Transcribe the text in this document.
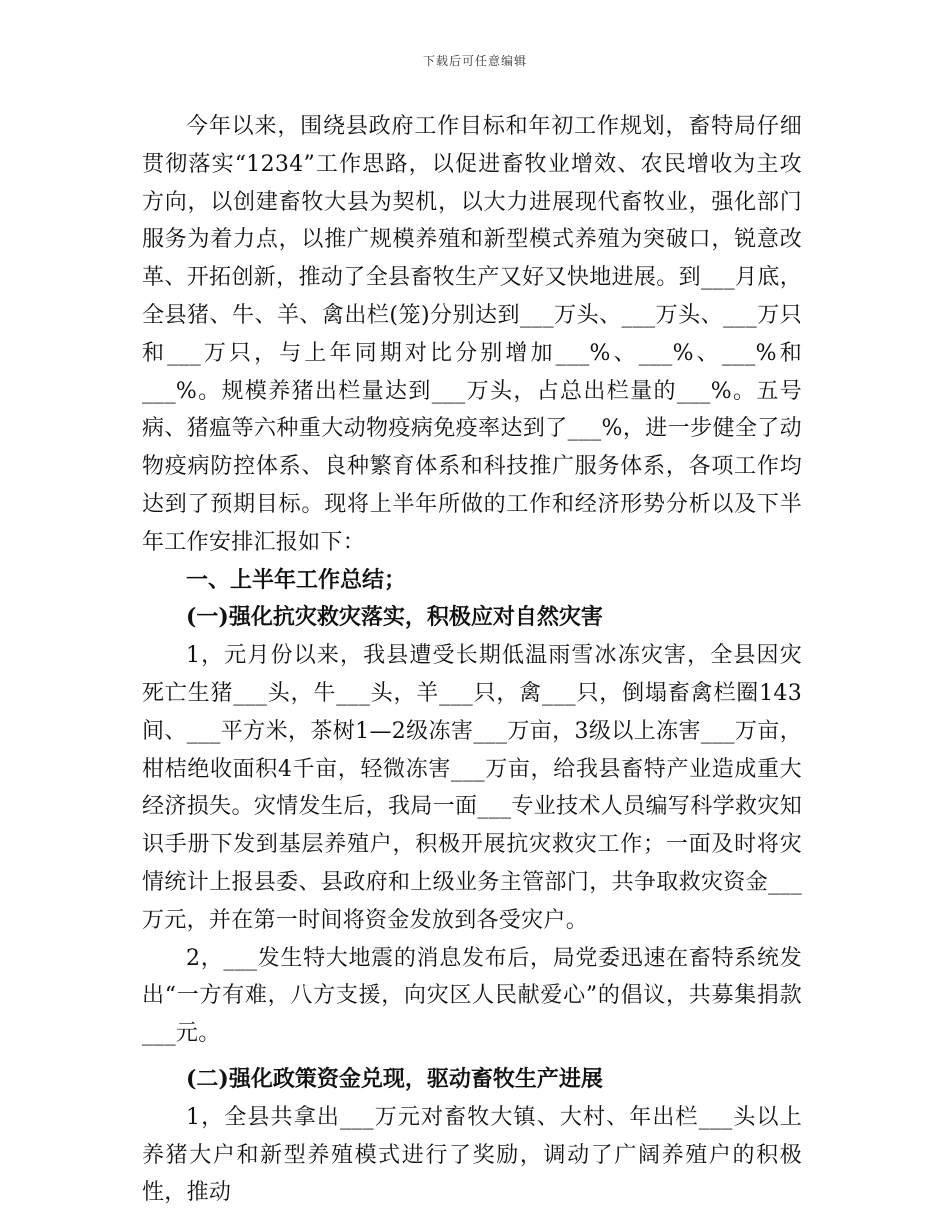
下载后可任意编辑

今年以来，围绕县政府工作目标和年初工作规划，畜特局仔细贯彻落实“1234”工作思路，以促进畜牧业增效、农民增收为主攻方向，以创建畜牧大县为契机，以大力进展现代畜牧业，强化部门服务为着力点，以推广规模养殖和新型模式养殖为突破口，锐意改革、开拓创新，推动了全县畜牧生产又好又快地进展。到___月底，全县猪、牛、羊、禽出栏(笼)分别达到___万头、___万头、___万只和___万只，与上年同期对比分别增加___%、___%、___%和___%。规模养猪出栏量达到___万头，占总出栏量的___%。五号病、猪瘟等六种重大动物疫病免疫率达到了___%，进一步健全了动物疫病防控体系、良种繁育体系和科技推广服务体系，各项工作均达到了预期目标。现将上半年所做的工作和经济形势分析以及下半年工作安排汇报如下：

一、上半年工作总结；

(一)强化抗灾救灾落实，积极应对自然灾害

1，元月份以来，我县遭受长期低温雨雪冰冻灾害，全县因灾死亡生猪___头，牛___头，羊___只，禽___只，倒塌畜禽栏圈143间、___平方米，茶树1—2级冻害___万亩，3级以上冻害___万亩，柑桔绝收面积4千亩，轻微冻害___万亩，给我县畜特产业造成重大经济损失。灾情发生后，我局一面___专业技术人员编写科学救灾知识手册下发到基层养殖户，积极开展抗灾救灾工作；一面及时将灾情统计上报县委、县政府和上级业务主管部门，共争取救灾资金___万元，并在第一时间将资金发放到各受灾户。

2，___发生特大地震的消息发布后，局党委迅速在畜特系统发出“一方有难，八方支援，向灾区人民献爱心”的倡议，共募集捐款___元。

(二)强化政策资金兑现，驱动畜牧生产进展

1，全县共拿出___万元对畜牧大镇、大村、年出栏___头以上养猪大户和新型养殖模式进行了奖励，调动了广阔养殖户的积极性，推动
